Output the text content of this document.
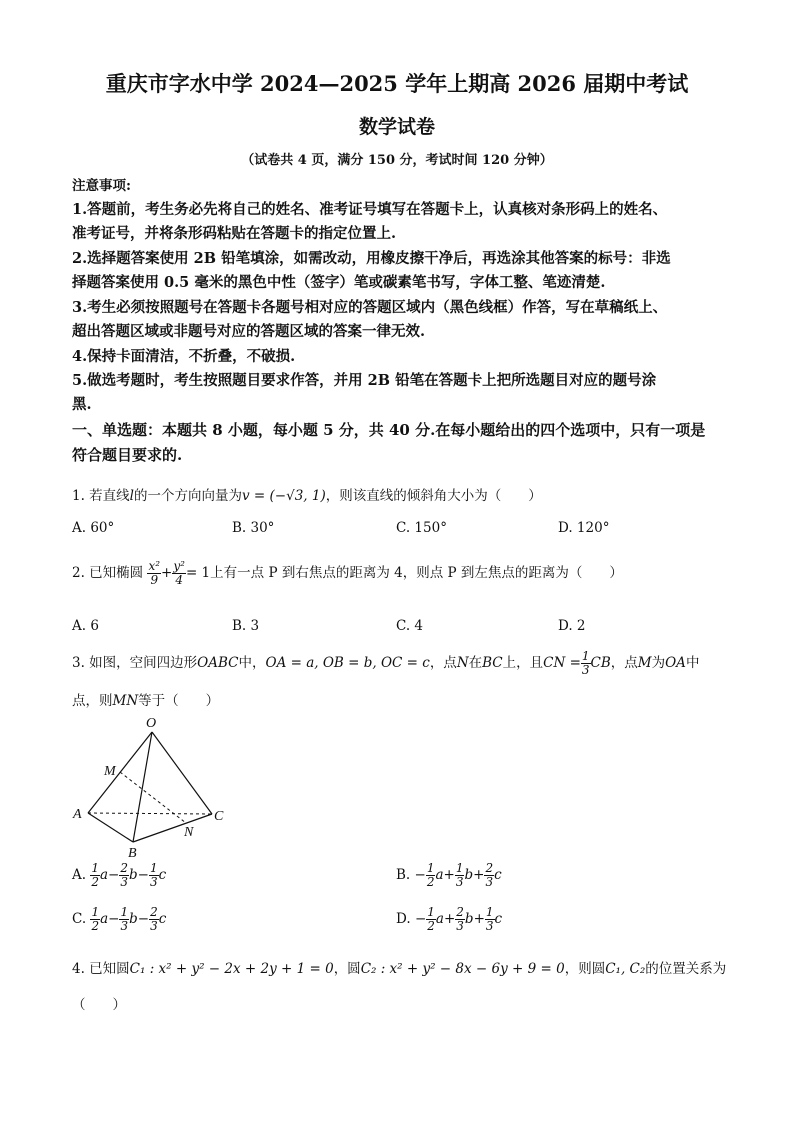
重庆市字水中学 2024—2025 学年上期高 2026 届期中考试
数学试卷
（试卷共 4 页，满分 150 分，考试时间 120 分钟）
注意事项:
1.答题前，考生务必先将自己的姓名、准考证号填写在答题卡上，认真核对条形码上的姓名、
准考证号，并将条形码粘贴在答题卡的指定位置上.
2.选择题答案使用 2B 铅笔填涂，如需改动，用橡皮擦干净后，再选涂其他答案的标号：非选
择题答案使用 0.5 毫米的黑色中性（签字）笔或碳素笔书写，字体工整、笔迹清楚.
3.考生必须按照题号在答题卡各题号相对应的答题区域内（黑色线框）作答，写在草稿纸上、
超出答题区域或非题号对应的答题区域的答案一律无效.
4.保持卡面清洁，不折叠，不破损.
5.做选考题时，考生按照题目要求作答，并用 2B 铅笔在答题卡上把所选题目对应的题号涂
黑.
一、单选题：本题共 8 小题，每小题 5 分，共 40 分.在每小题给出的四个选项中，只有一项是
符合题目要求的.
1. 若直线l的一个方向向量为v = (−√3, 1)，则该直线的倾斜角大小为（　　）
A. 60°	B. 30°	C. 150°	D. 120°
2. 已知椭圆 $\frac{\text{x²}}{9} + \frac{\text{y²}}{4} = 1$上有一点 P 到右焦点的距离为 4，则点 P 到左焦点的距离为（　　）
A. 6	B. 3	C. 4	D. 2
3. 如图，空间四边形OABC中，OA = a, OB = b, OC = c，点N在BC上，且CN = $\frac{1}{3}$ CB，点M为OA中
点，则MN等于（　　）
O
M
A	C
N
B
A. $\frac{1}{2} a- \frac{2}{3} b- \frac{1}{3}$ c	B. − $\frac{1}{2} a+ \frac{1}{3} b+ \frac{2}{3}$ c
C. $\frac{1}{2} a- \frac{1}{3} b- \frac{2}{3}$ c	D. − $\frac{1}{2} a+ \frac{2}{3} b+ \frac{1}{3}$ c
4. 已知圆C₁ : x² + y² − 2x + 2y + 1 = 0，圆C₂ : x² + y² − 8x − 6y + 9 = 0，则圆C₁, C₂的位置关系为
（　　）
